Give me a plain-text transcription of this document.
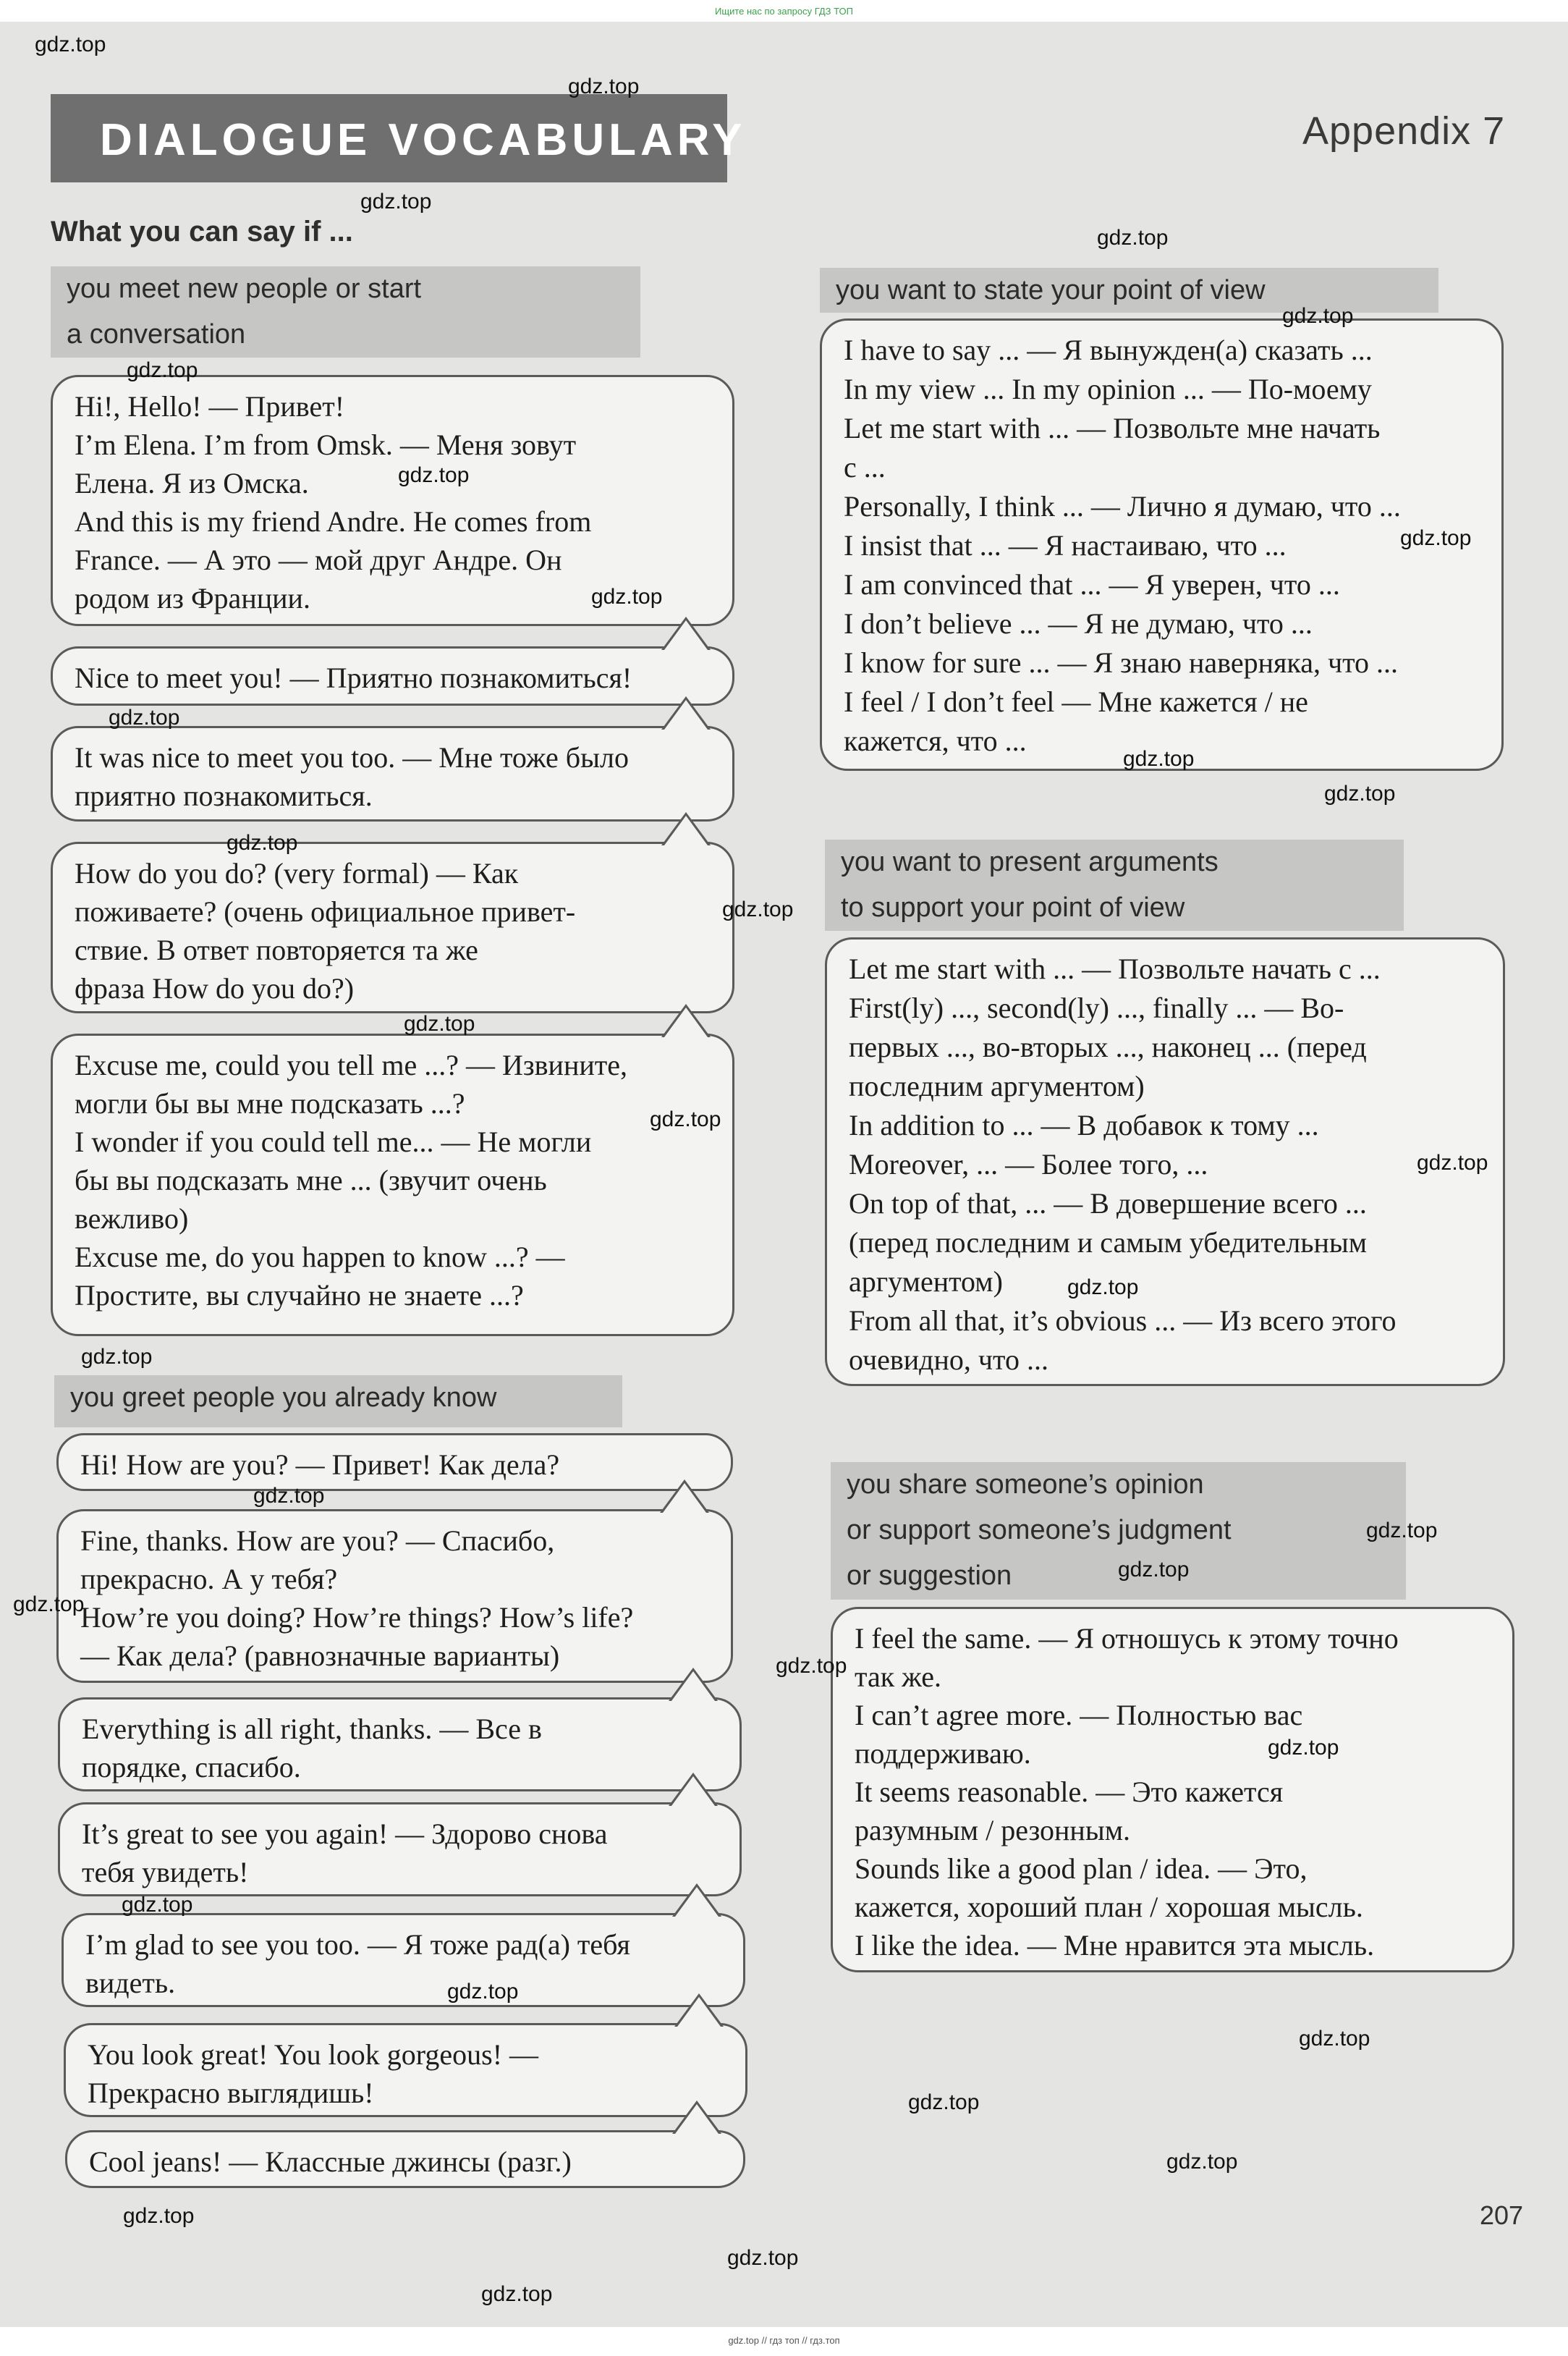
Ищите нас по запросу ГДЗ ТОП
DIALOGUE VOCABULARY	Appendix 7
What you can say if ...
you meet new people or start
a conversation
Hi!, Hello! — Привет!
I’m Elena. I’m from Omsk. — Меня зовут
Елена. Я из Омска.
And this is my friend Andre. He comes from
France. — А это — мой друг Андре. Он
родом из Франции.
Nice to meet you! — Приятно познакомиться!
It was nice to meet you too. — Мне тоже было
приятно познакомиться.
How do you do? (very formal) — Как
поживаете? (очень официальное привет-
ствие. В ответ повторяется та же
фраза How do you do?)
Excuse me, could you tell me ...? — Извините,
могли бы вы мне подсказать ...?
I wonder if you could tell me... — Не могли
бы вы подсказать мне ... (звучит очень
вежливо)
Excuse me, do you happen to know ...? —
Простите, вы случайно не знаете ...?
you greet people you already know
Hi! How are you? — Привет! Как дела?
Fine, thanks. How are you? — Спасибо,
прекрасно. А у тебя?
How’re you doing? How’re things? How’s life?
— Как дела? (равнозначные варианты)
Everything is all right, thanks. — Все в
порядке, спасибо.
It’s great to see you again! — Здорово снова
тебя увидеть!
I’m glad to see you too. — Я тоже рад(а) тебя
видеть.
You look great! You look gorgeous! —
Прекрасно выглядишь!
Cool jeans! — Классные джинсы (разг.)
you want to state your point of view
I have to say ... — Я вынужден(а) сказать ...
In my view ... In my opinion ... — По-моему
Let me start with ... — Позвольте мне начать
с ...
Personally, I think ... — Лично я думаю, что ...
I insist that ... — Я настаиваю, что ...
I am convinced that ... — Я уверен, что ...
I don’t believe ... — Я не думаю, что ...
I know for sure ... — Я знаю наверняка, что ...
I feel / I don’t feel — Мне кажется / не
кажется, что ...
you want to present arguments
to support your point of view
Let me start with ... — Позвольте начать с ...
First(ly) ..., second(ly) ..., finally ... — Во-
первых ..., во-вторых ..., наконец ... (перед
последним аргументом)
In addition to ... — В добавок к тому ...
Moreover, ... — Более того, ...
On top of that, ... — В довершение всего ...
(перед последним и самым убедительным
аргументом)
From all that, it’s obvious ... — Из всего этого
очевидно, что ...
you share someone’s opinion
or support someone’s judgment
or suggestion
I feel the same. — Я отношусь к этому точно
так же.
I can’t agree more. — Полностью вас
поддерживаю.
It seems reasonable. — Это кажется
разумным / резонным.
Sounds like a good plan / idea. — Это,
кажется, хороший план / хорошая мысль.
I like the idea. — Мне нравится эта мысль.
gdz.top
gdz.top
gdz.top
gdz.top
gdz.top
gdz.top
gdz.top
gdz.top
gdz.top
gdz.top
gdz.top
gdz.top
gdz.top
gdz.top
gdz.top
gdz.top
gdz.top
gdz.top
gdz.top
gdz.top
gdz.top
gdz.top
gdz.top
gdz.top
gdz.top
gdz.top
gdz.top
gdz.top
gdz.top
gdz.top
gdz.top
gdz.top
gdz.top
207
gdz.top // гдз топ // гдз.топ
